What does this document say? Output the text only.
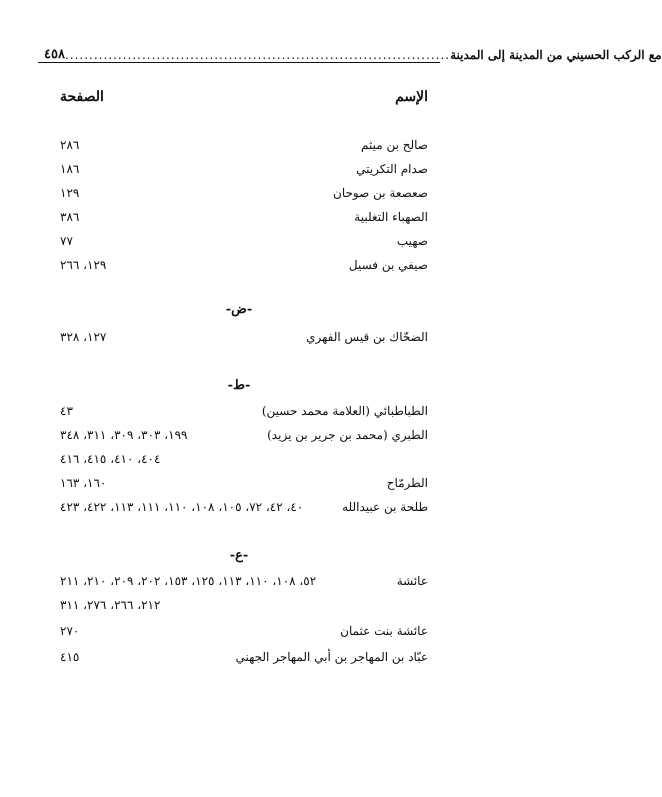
٤٥٨ ................................................................................ مع الركب الحسيني من المدينة إلى المدينة
الإسم
الصفحة
صالح بن ميثم
٢٨٦
صدام التكريتي
١٨٦
صعصعة بن صوحان
١٢٩
الصهباء التغلبية
٣٨٦
صهيب
٧٧
صيفي بن فسيل
١٢٩، ٢٦٦
-ض-
الضحّاك بن قيس الفهري
١٢٧، ٣٢٨
-ط-
الطباطبائي (العلامة محمد حسين)
٤٣
الطبري (محمد بن جرير بن يزيد)
١٩٩، ٣٠٣، ٣٠٩، ٣١١، ٣٤٨
٤٠٤، ٤١٠، ٤١٥، ٤١٦
الطرمّاح
١٦٠، ١٦٣
طلحة بن عبيدالله
٤٠، ٤٢، ٧٢، ١٠٥، ١٠٨، ١١٠، ١١١، ١١٣، ٤٢٢، ٤٢٣
-ع-
عائشة
٥٢، ١٠٨، ١١٠، ١١٣، ١٢٥، ١٥٣، ٢٠٢، ٢٠٩، ٢١٠، ٢١١
٢١٢، ٢٦٦، ٢٧٦، ٣١١
عائشة بنت عثمان
٢٧٠
عبّاد بن المهاجر بن أبي المهاجر الجهني
٤١٥
